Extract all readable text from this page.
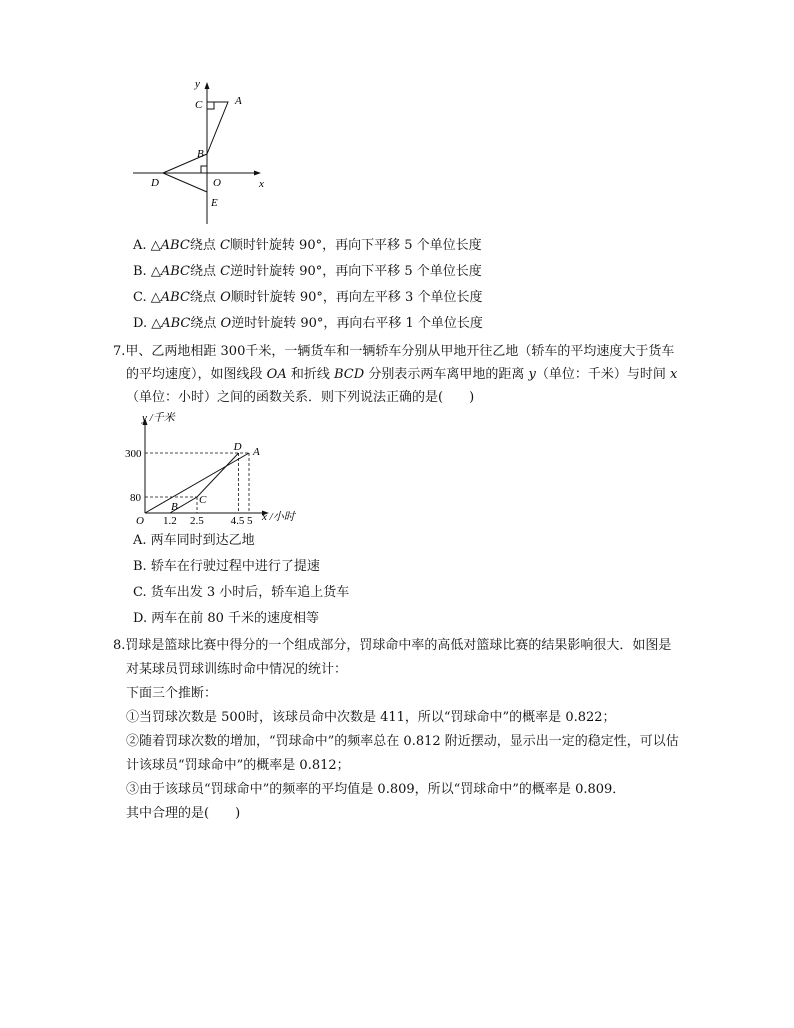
y
x
C	A
B
D	O
E
A. △ABC绕点 C顺时针旋转 90°，再向下平移 5 个单位长度
B. △ABC绕点 C逆时针旋转 90°，再向下平移 5 个单位长度
C. △ABC绕点 O顺时针旋转 90°，再向左平移 3 个单位长度
D. △ABC绕点 O逆时针旋转 90°，再向右平移 1 个单位长度
7.甲、乙两地相距 300千米，一辆货车和一辆轿车分别从甲地开往乙地（轿车的平均速度大于货车
的平均速度），如图线段 OA 和折线 BCD 分别表示两车离甲地的距离 y（单位：千米）与时间 x
（单位：小时）之间的函数关系．则下列说法正确的是(　　)
y /千米
x /小时
300
80
O 1.2 2.5 4.5 5
B
C
D A
A. 两车同时到达乙地
B. 轿车在行驶过程中进行了提速
C. 货车出发 3 小时后，轿车追上货车
D. 两车在前 80 千米的速度相等
8.罚球是篮球比赛中得分的一个组成部分，罚球命中率的高低对篮球比赛的结果影响很大．如图是
对某球员罚球训练时命中情况的统计：
下面三个推断：
①当罚球次数是 500时，该球员命中次数是 411，所以“罚球命中”的概率是 0.822；
②随着罚球次数的增加，“罚球命中”的频率总在 0.812 附近摆动，显示出一定的稳定性，可以估
计该球员“罚球命中”的概率是 0.812；
③由于该球员“罚球命中”的频率的平均值是 0.809，所以“罚球命中”的概率是 0.809．
其中合理的是(　　)
